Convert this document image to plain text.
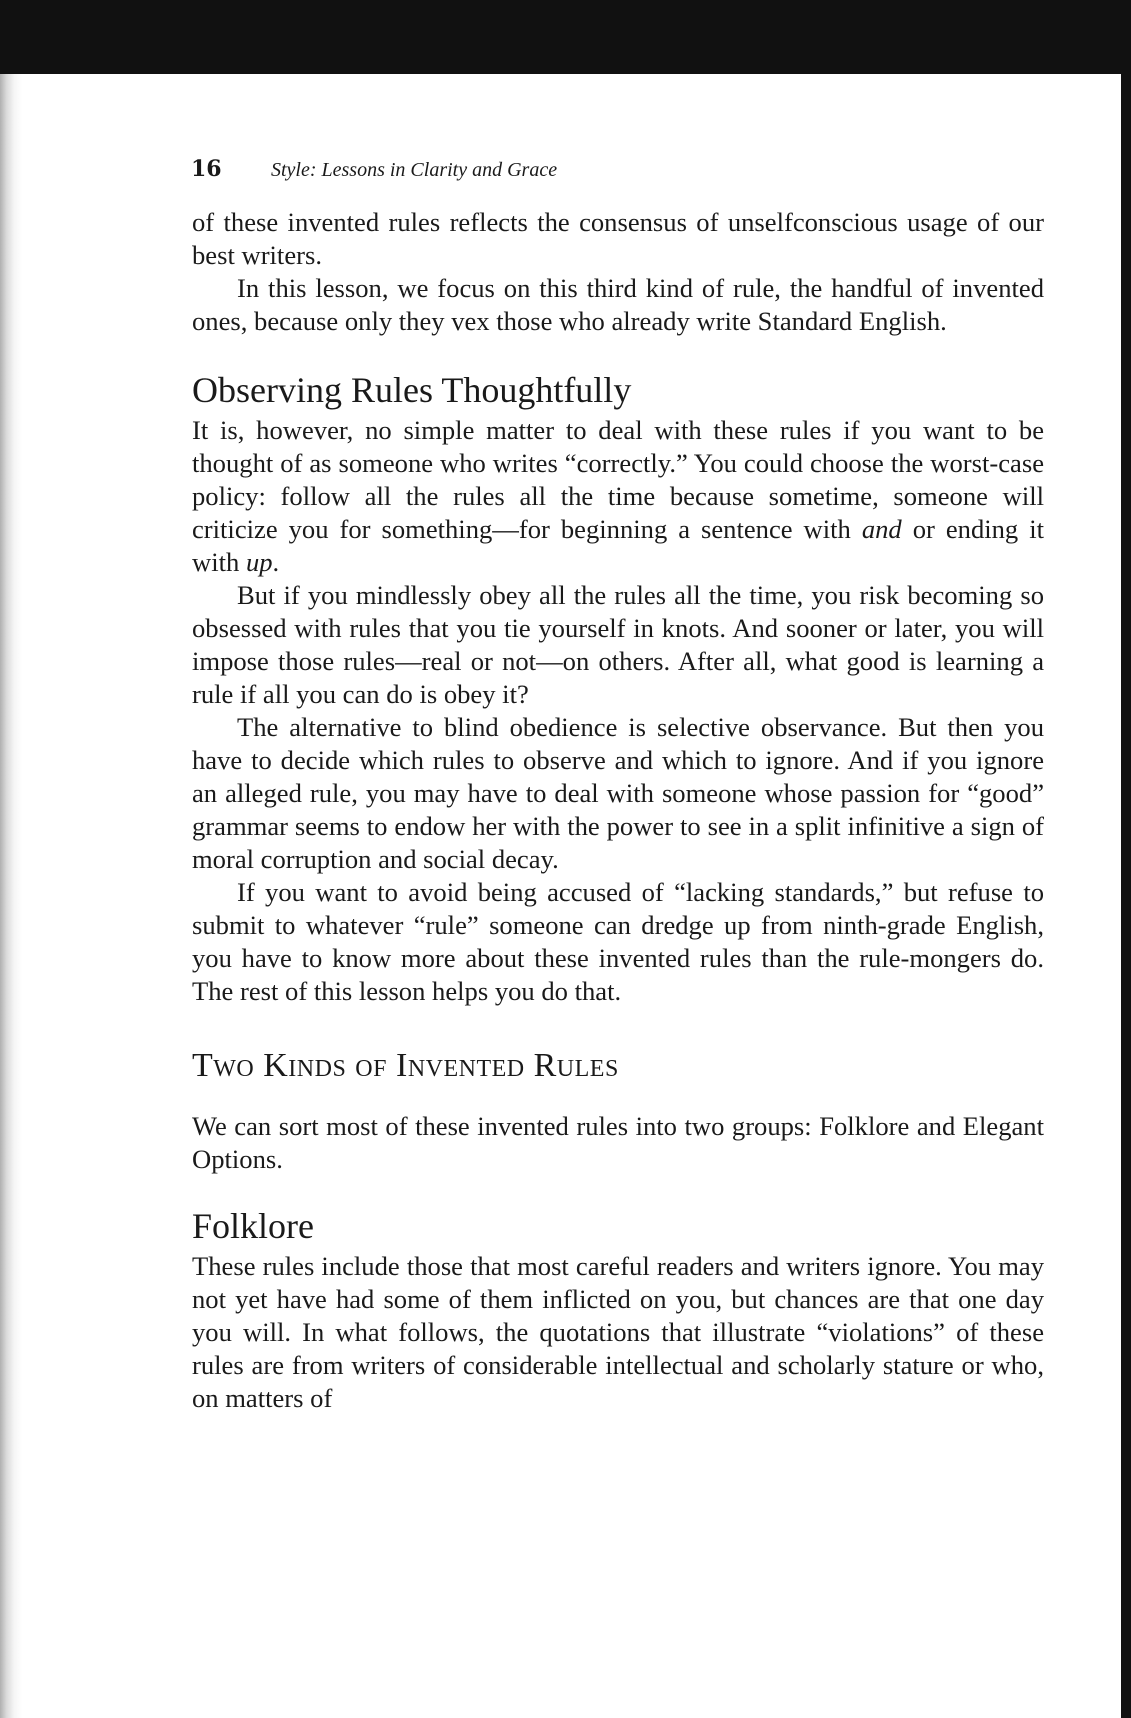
16	Style: Lessons in Clarity and Grace

of these invented rules reflects the consensus of unselfconscious usage of our best writers.

In this lesson, we focus on this third kind of rule, the handful of invented ones, because only they vex those who already write Standard English.

Observing Rules Thoughtfully

It is, however, no simple matter to deal with these rules if you want to be thought of as someone who writes “correctly.” You could choose the worst-case policy: follow all the rules all the time because sometime, someone will criticize you for something—for beginning a sentence with and or ending it with up.

But if you mindlessly obey all the rules all the time, you risk becoming so obsessed with rules that you tie yourself in knots. And sooner or later, you will impose those rules—real or not—on others. After all, what good is learning a rule if all you can do is obey it?

The alternative to blind obedience is selective observance. But then you have to decide which rules to observe and which to ignore. And if you ignore an alleged rule, you may have to deal with someone whose passion for “good” grammar seems to endow her with the power to see in a split infinitive a sign of moral corruption and social decay.

If you want to avoid being accused of “lacking standards,” but refuse to submit to whatever “rule” someone can dredge up from ninth-grade English, you have to know more about these invented rules than the rule-mongers do. The rest of this lesson helps you do that.

Two Kinds of Invented Rules

We can sort most of these invented rules into two groups: Folklore and Elegant Options.

Folklore

These rules include those that most careful readers and writers ignore. You may not yet have had some of them inflicted on you, but chances are that one day you will. In what follows, the quotations that illustrate “violations” of these rules are from writers of considerable intellectual and scholarly stature or who, on matters of
